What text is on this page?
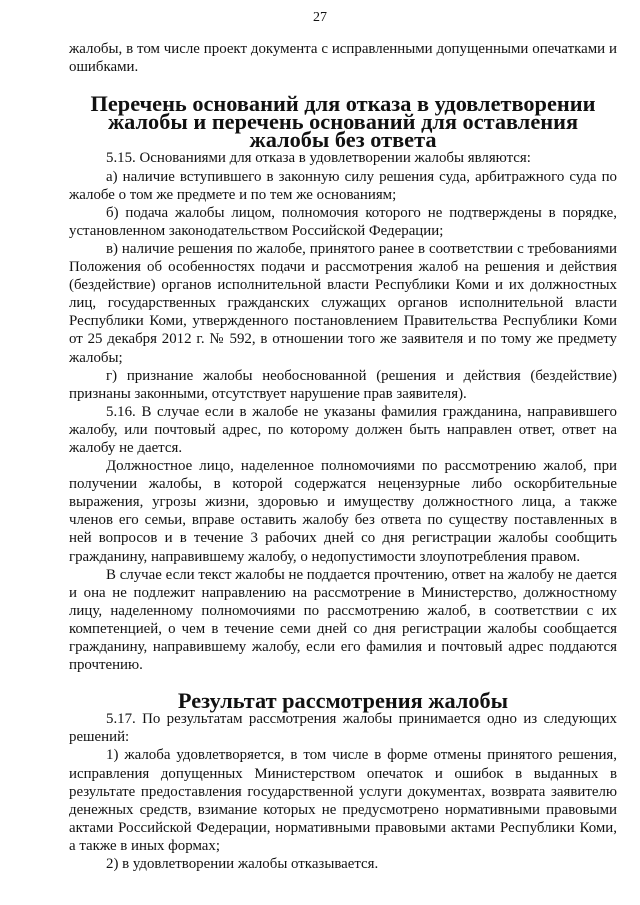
27

жалобы, в том числе проект документа с исправленными допущенными опечатками и ошибками.

Перечень оснований для отказа в удовлетворении жалобы и перечень оснований для оставления жалобы без ответа

5.15. Основаниями для отказа в удовлетворении жалобы являются:

а) наличие вступившего в законную силу решения суда, арбитражного суда по жалобе о том же предмете и по тем же основаниям;

б) подача жалобы лицом, полномочия которого не подтверждены в порядке, установленном законодательством Российской Федерации;

в) наличие решения по жалобе, принятого ранее в соответствии с требованиями Положения об особенностях подачи и рассмотрения жалоб на решения и действия (бездействие) органов исполнительной власти Республики Коми и их должностных лиц, государственных гражданских служащих органов исполнительной власти Республики Коми, утвержденного постановлением Правительства Республики Коми от 25 декабря 2012 г. № 592, в отношении того же заявителя и по тому же предмету жалобы;

г) признание жалобы необоснованной (решения и действия (бездействие) признаны законными, отсутствует нарушение прав заявителя).

5.16. В случае если в жалобе не указаны фамилия гражданина, направившего жалобу, или почтовый адрес, по которому должен быть направлен ответ, ответ на жалобу не дается.

Должностное лицо, наделенное полномочиями по рассмотрению жалоб, при получении жалобы, в которой содержатся нецензурные либо оскорбительные выражения, угрозы жизни, здоровью и имуществу должностного лица, а также членов его семьи, вправе оставить жалобу без ответа по существу поставленных в ней вопросов и в течение 3 рабочих дней со дня регистрации жалобы сообщить гражданину, направившему жалобу, о недопустимости злоупотребления правом.

В случае если текст жалобы не поддается прочтению, ответ на жалобу не дается и она не подлежит направлению на рассмотрение в Министерство, должностному лицу, наделенному полномочиями по рассмотрению жалоб, в соответствии с их компетенцией, о чем в течение семи дней со дня регистрации жалобы сообщается гражданину, направившему жалобу, если его фамилия и почтовый адрес поддаются прочтению.

Результат рассмотрения жалобы

5.17. По результатам рассмотрения жалобы принимается одно из следующих решений:

1) жалоба удовлетворяется, в том числе в форме отмены принятого решения, исправления допущенных Министерством опечаток и ошибок в выданных в результате предоставления государственной услуги документах, возврата заявителю денежных средств, взимание которых не предусмотрено нормативными правовыми актами Российской Федерации, нормативными правовыми актами Республики Коми, а также в иных формах;

2) в удовлетворении жалобы отказывается.
